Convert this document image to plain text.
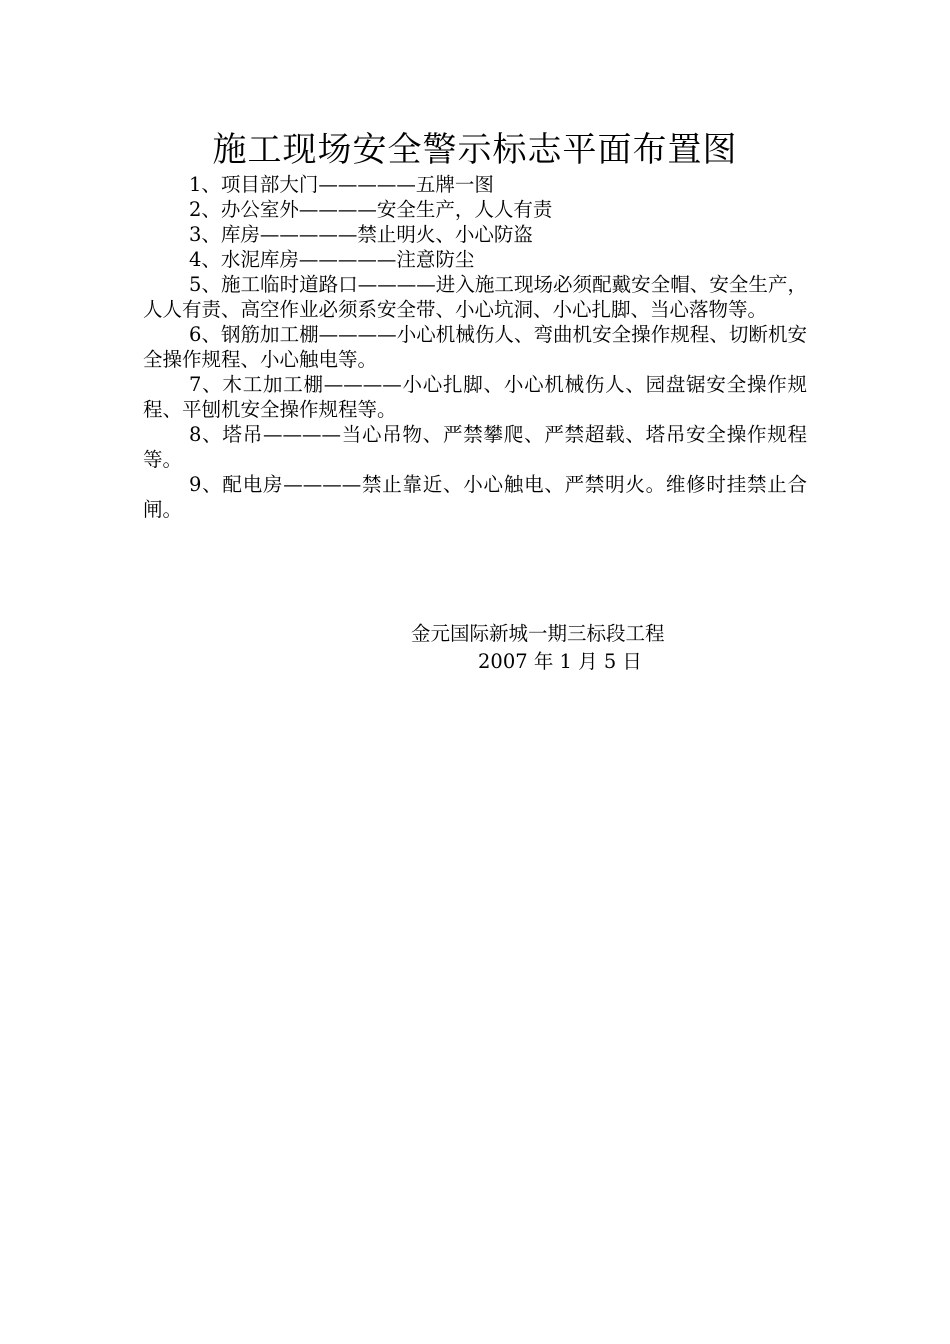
施工现场安全警示标志平面布置图

1、项目部大门—————五牌一图

2、办公室外————安全生产，人人有责

3、库房—————禁止明火、小心防盗

4、水泥库房—————注意防尘

5、施工临时道路口————进入施工现场必须配戴安全帽、安全生产，人人有责、高空作业必须系安全带、小心坑洞、小心扎脚、当心落物等。

6、钢筋加工棚————小心机械伤人、弯曲机安全操作规程、切断机安全操作规程、小心触电等。

7、木工加工棚————小心扎脚、小心机械伤人、园盘锯安全操作规程、平刨机安全操作规程等。

8、塔吊————当心吊物、严禁攀爬、严禁超载、塔吊安全操作规程等。

9、配电房————禁止靠近、小心触电、严禁明火。维修时挂禁止合闸。

金元国际新城一期三标段工程

2007 年 1 月 5 日
